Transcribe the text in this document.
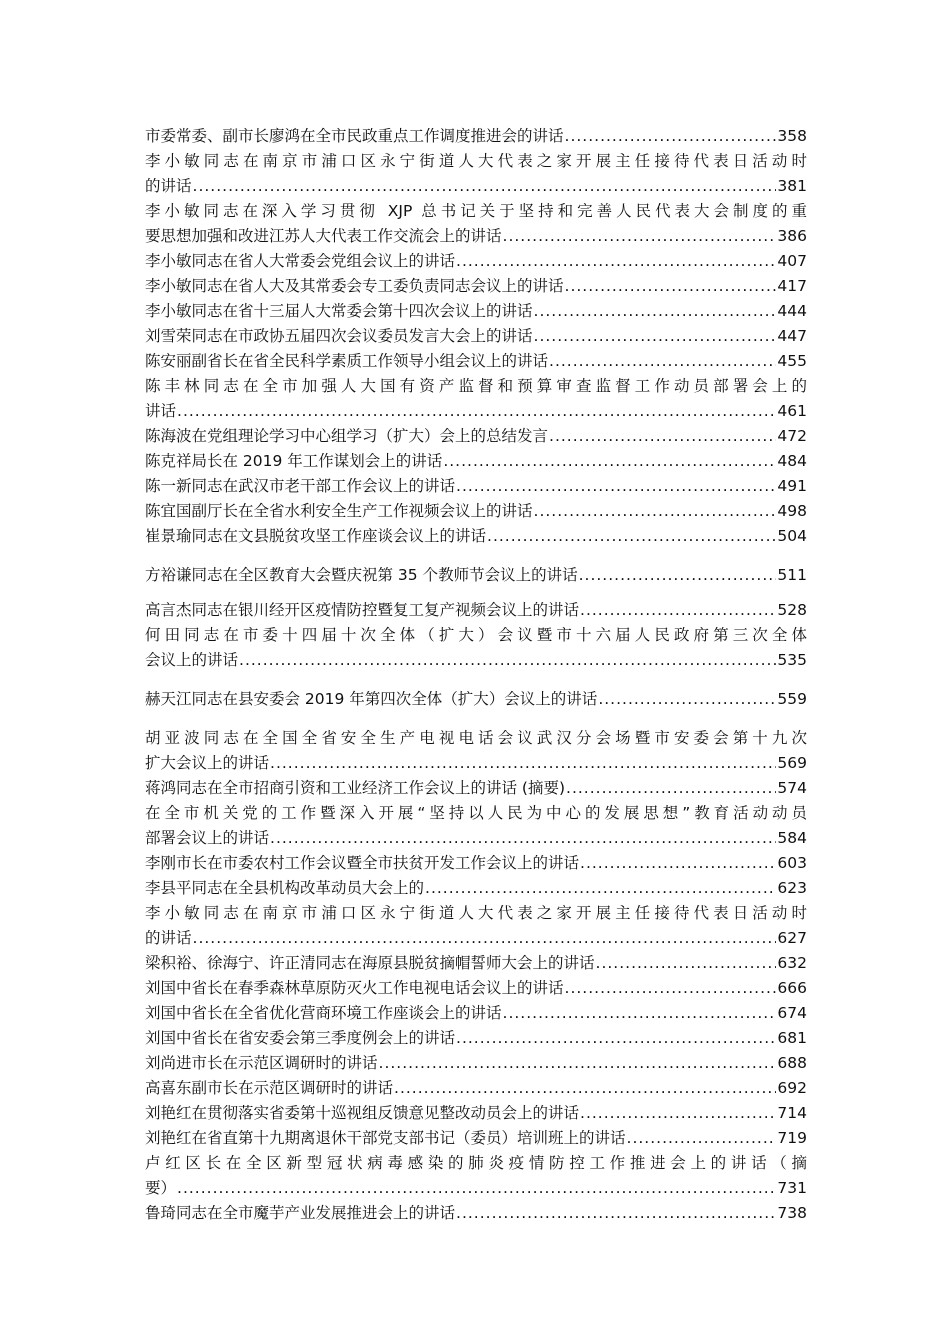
市委常委、副市长廖鸿在全市民政重点工作调度推进会的讲话 .....	358
李小敏同志在南京市浦口区永宁街道人大代表之家开展主任接待代表日活动时
的讲话 .....	381
李小敏同志在深入学习贯彻 XJP 总书记关于坚持和完善人民代表大会制度的重
要思想加强和改进江苏人大代表工作交流会上的讲话 .....	386
李小敏同志在省人大常委会党组会议上的讲话 .....	407
李小敏同志在省人大及其常委会专工委负责同志会议上的讲话 .....	417
李小敏同志在省十三届人大常委会第十四次会议上的讲话 .....	444
刘雪荣同志在市政协五届四次会议委员发言大会上的讲话 .....	447
陈安丽副省长在省全民科学素质工作领导小组会议上的讲话 .....	455
陈丰林同志在全市加强人大国有资产监督和预算审查监督工作动员部署会上的
讲话 .....	461
陈海波在党组理论学习中心组学习（扩大）会上的总结发言 .....	472
陈克祥局长在 2019 年工作谋划会上的讲话 .....	484
陈一新同志在武汉市老干部工作会议上的讲话 .....	491
陈宜国副厅长在全省水利安全生产工作视频会议上的讲话 .....	498
崔景瑜同志在文县脱贫攻坚工作座谈会议上的讲话 .....	504
方裕谦同志在全区教育大会暨庆祝第 35 个教师节会议上的讲话 .....	511
高言杰同志在银川经开区疫情防控暨复工复产视频会议上的讲话 .....	528
何田同志在市委十四届十次全体（扩大）会议暨市十六届人民政府第三次全体
会议上的讲话 .....	535
赫天江同志在县安委会 2019 年第四次全体（扩大）会议上的讲话 .....	559
胡亚波同志在全国全省安全生产电视电话会议武汉分会场暨市安委会第十九次
扩大会议上的讲话 .....	569
蒋鸿同志在全市招商引资和工业经济工作会议上的讲话 (摘要) .....	574
在全市机关党的工作暨深入开展“坚持以人民为中心的发展思想”教育活动动员
部署会议上的讲话 .....	584
李刚市长在市委农村工作会议暨全市扶贫开发工作会议上的讲话 .....	603
李县平同志在全县机构改革动员大会上的 .....	623
李小敏同志在南京市浦口区永宁街道人大代表之家开展主任接待代表日活动时
的讲话 .....	627
梁积裕、徐海宁、许正清同志在海原县脱贫摘帽誓师大会上的讲话 .....	632
刘国中省长在春季森林草原防灭火工作电视电话会议上的讲话 .....	666
刘国中省长在全省优化营商环境工作座谈会上的讲话 .....	674
刘国中省长在省安委会第三季度例会上的讲话 .....	681
刘尚进市长在示范区调研时的讲话 .....	688
高喜东副市长在示范区调研时的讲话 .....	692
刘艳红在贯彻落实省委第十巡视组反馈意见整改动员会上的讲话 .....	714
刘艳红在省直第十九期离退休干部党支部书记（委员）培训班上的讲话 .....	719
卢红区长在全区新型冠状病毒感染的肺炎疫情防控工作推进会上的讲话（摘
要） .....	731
鲁琦同志在全市魔芋产业发展推进会上的讲话 .....	738
